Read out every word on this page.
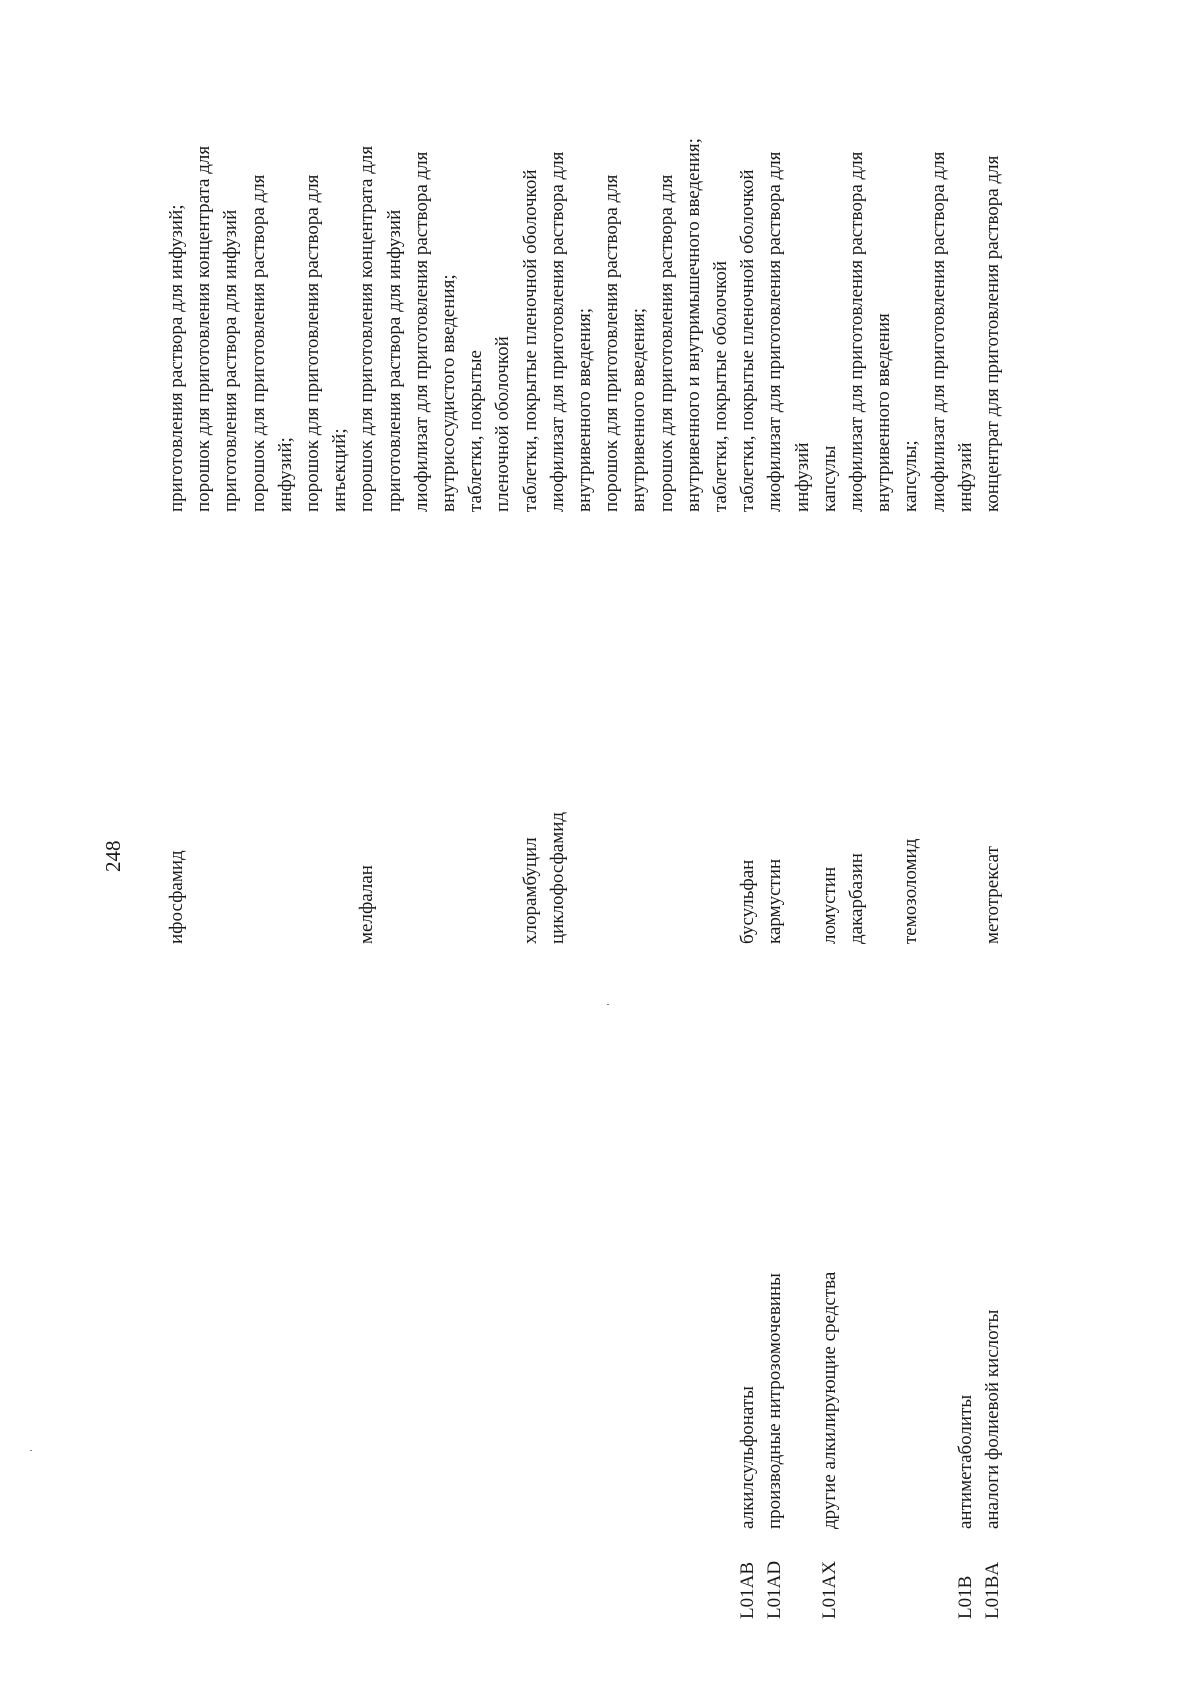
248 ифосфамид
приготовления раствора для инфузий; порошок для приготовления концентрата для приготовления раствора для инфузий порошок для приготовления раствора для инфузий; порошок для приготовления раствора для инъекций;
мелфалан
порошок для приготовления концентрата для приготовления раствора для инфузий лиофилизат для приготовления раствора для внутрисосудистого введения; таблетки, покрытые пленочной оболочкой
хлорамбуцил циклофосфамид
таблетки, покрытые пленочной оболочкой лиофилизат для приготовления раствора для внутривенного введения; порошок для приготовления раствора для внутривенного введения; порошок для приготовления раствора для внутривенного и внутримышечного введения; таблетки, покрытые оболочкой
L01AB L01AD
алкилсульфонаты производные нитрозомочевины
бусульфан кармустин
таблетки, покрытые пленочной оболочкой лиофилизат для приготовления раствора для инфузий
L01AX
другие алкилирующие средства
ломустин дакарбазин
капсулы лиофилизат для приготовления раствора для внутривенного введения
темозоломид
капсулы; лиофилизат для приготовления раствора для инфузий
L01B L01BA
антиметаболиты аналоги фолиевой кислоты
метотрексат
концентрат для приготовления раствора для
